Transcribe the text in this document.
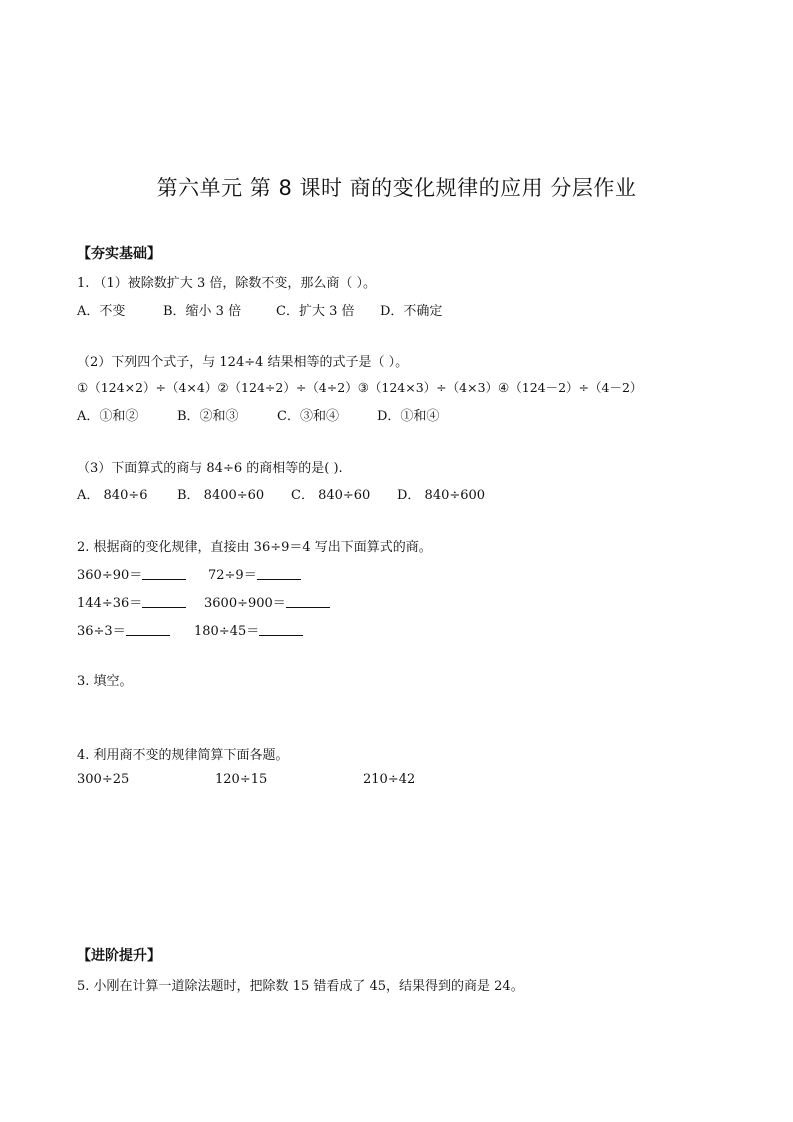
第六单元 第 8 课时 商的变化规律的应用 分层作业
【夯实基础】
1. （1）被除数扩大 3 倍，除数不变，那么商（ ）。
A．不变	B．缩小 3 倍	C．扩大 3 倍 D．不确定
（2）下列四个式子，与 124÷4 结果相等的式子是（ ）。
①（124×2）÷（4×4）②（124÷2）÷（4÷2）③（124×3）÷（4×3）④（124－2）÷（4－2）
A．①和②	B．②和③	C．③和④	D．①和④
（3）下面算式的商与 84÷6 的商相等的是( ).
A． 840÷6 B． 8400÷60 C． 840÷60 D． 840÷600
2. 根据商的变化规律，直接由 36÷9＝4 写出下面算式的商。
360÷90＝	72÷9＝
144÷36＝	3600÷900＝
36÷3＝	180÷45＝
3. 填空。
4. 利用商不变的规律简算下面各题。
300÷25	120÷15	210÷42
【进阶提升】
5. 小刚在计算一道除法题时，把除数 15 错看成了 45，结果得到的商是 24。
